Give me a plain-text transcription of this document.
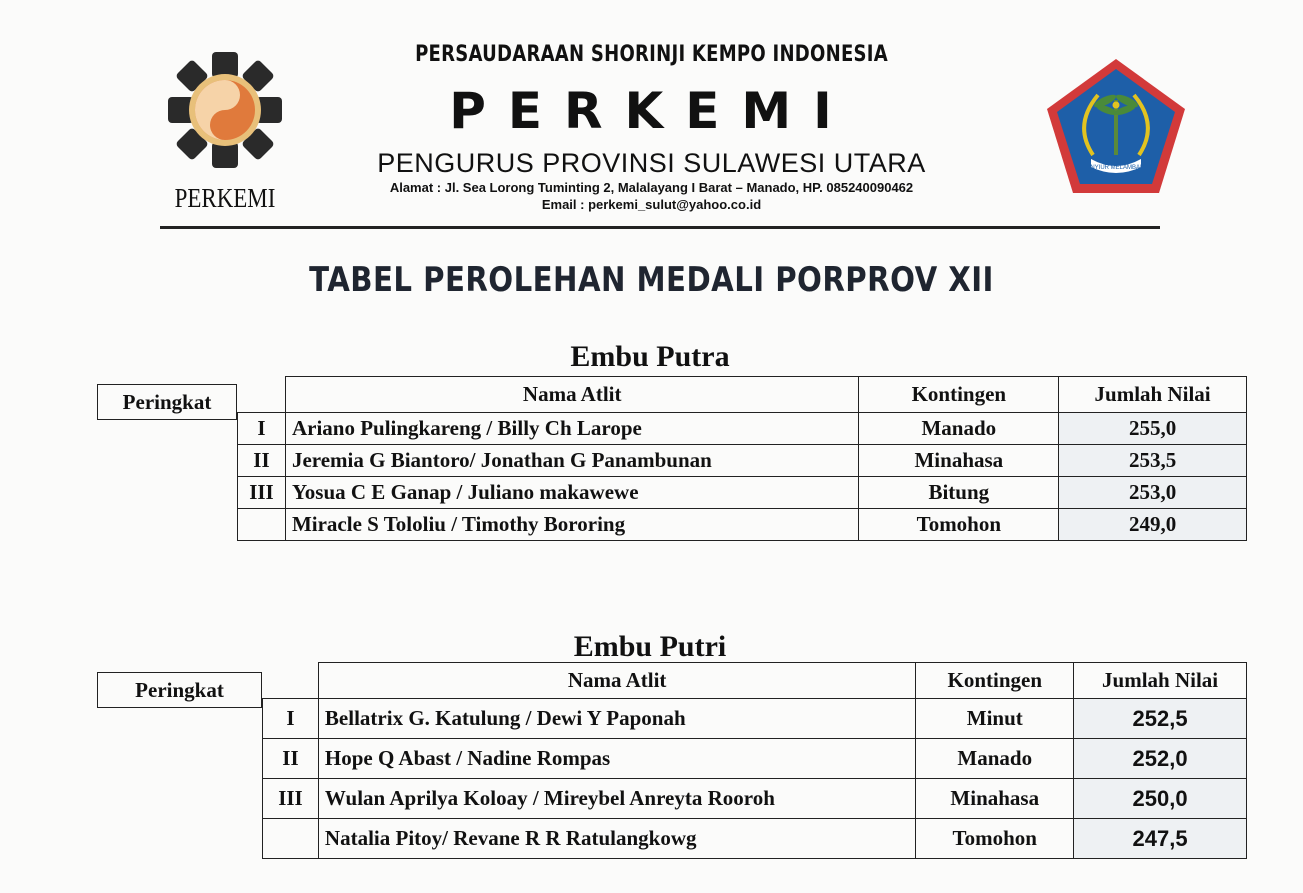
PERSAUDARAAN SHORINJI KEMPO INDONESIA
PERKEMI
PENGURUS PROVINSI SULAWESI UTARA
Alamat : Jl. Sea Lorong Tuminting 2, Malalayang I Barat – Manado, HP. 085240090462
Email : perkemi_sulut@yahoo.co.id
PERKEMI
NYIUR MELAMBAI
TABEL PEROLEHAN MEDALI PORPROV XII
Embu Putra
Peringkat
		Nama Atlit	Kontingen	Jumlah Nilai
I	Ariano Pulingkareng / Billy Ch Larope	Manado	255,0
II	Jeremia G Biantoro/ Jonathan G Panambunan	Minahasa	253,5
III	Yosua C E Ganap / Juliano makawewe	Bitung	253,0
	Miracle S Tololiu / Timothy Bororing	Tomohon	249,0
Embu Putri
Peringkat
		Nama Atlit	Kontingen	Jumlah Nilai
I	Bellatrix G. Katulung / Dewi Y Paponah	Minut	252,5
II	Hope Q Abast / Nadine Rompas	Manado	252,0
III	Wulan Aprilya Koloay / Mireybel Anreyta Rooroh	Minahasa	250,0
	Natalia Pitoy/ Revane R R Ratulangkowg	Tomohon	247,5
